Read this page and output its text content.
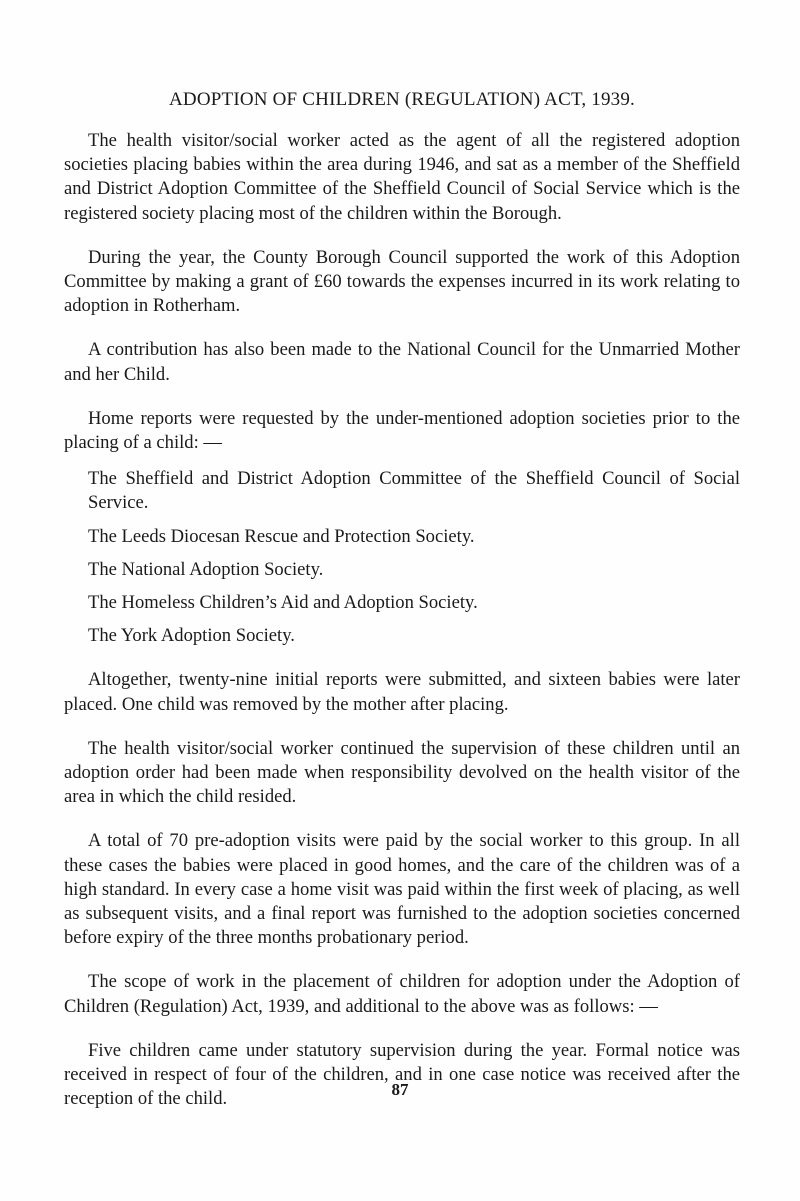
ADOPTION OF CHILDREN (REGULATION) ACT, 1939.

The health visitor/social worker acted as the agent of all the registered adoption societies placing babies within the area during 1946, and sat as a member of the Sheffield and District Adoption Committee of the Sheffield Council of Social Service which is the registered society placing most of the children within the Borough.

During the year, the County Borough Council supported the work of this Adoption Committee by making a grant of £60 towards the expenses incurred in its work relating to adoption in Rotherham.

A contribution has also been made to the National Council for the Unmarried Mother and her Child.

Home reports were requested by the under-mentioned adoption societies prior to the placing of a child: —

The Sheffield and District Adoption Committee of the Sheffield Council of Social Service.

The Leeds Diocesan Rescue and Protection Society.

The National Adoption Society.

The Homeless Children’s Aid and Adoption Society.

The York Adoption Society.

Altogether, twenty-nine initial reports were submitted, and sixteen babies were later placed. One child was removed by the mother after placing.

The health visitor/social worker continued the supervision of these children until an adoption order had been made when responsibility devolved on the health visitor of the area in which the child resided.

A total of 70 pre-adoption visits were paid by the social worker to this group. In all these cases the babies were placed in good homes, and the care of the children was of a high standard. In every case a home visit was paid within the first week of placing, as well as subsequent visits, and a final report was furnished to the adoption societies concerned before expiry of the three months probationary period.

The scope of work in the placement of children for adoption under the Adoption of Children (Regulation) Act, 1939, and additional to the above was as follows: —

Five children came under statutory supervision during the year. Formal notice was received in respect of four of the children, and in one case notice was received after the reception of the child.	87
